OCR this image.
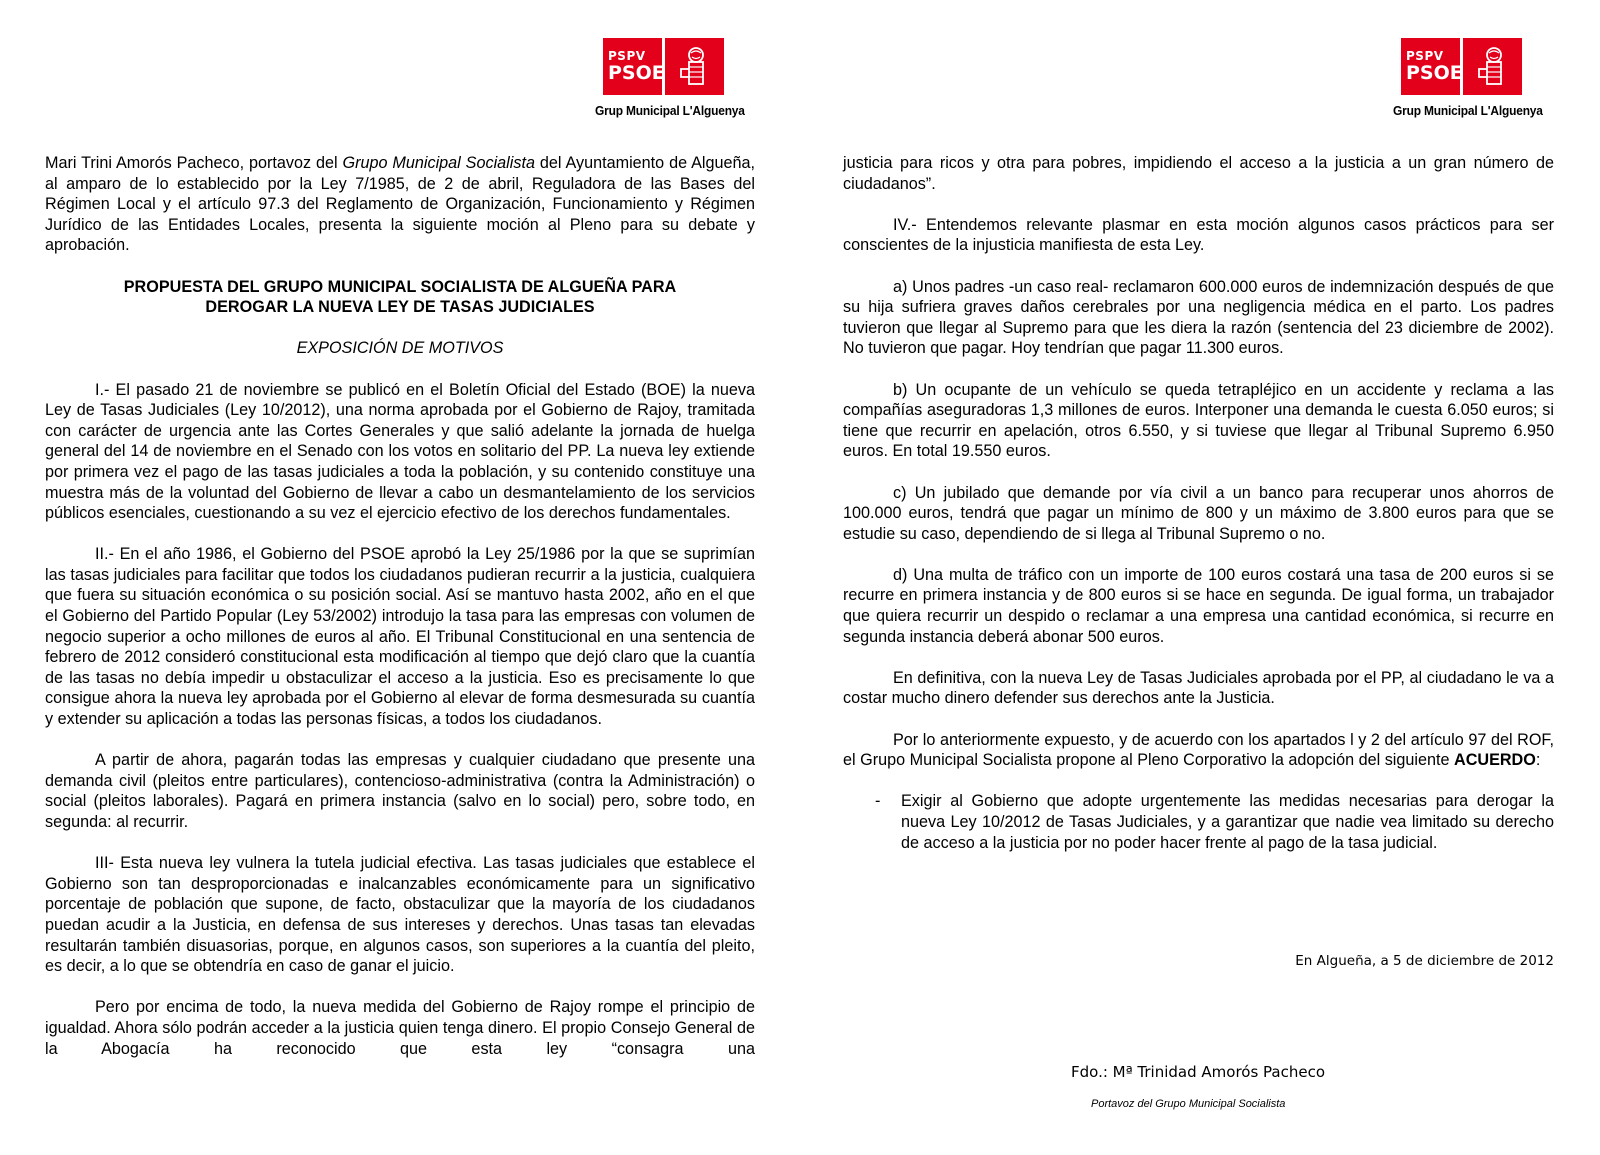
PSPV
PSOE
Grup Municipal L'Alguenya

Mari Trini Amorós Pacheco, portavoz del Grupo Municipal Socialista del Ayuntamiento de Algueña, al amparo de lo establecido por la Ley 7/1985, de 2 de abril, Reguladora de las Bases del Régimen Local y el artículo 97.3 del Reglamento de Organización, Funcionamiento y Régimen Jurídico de las Entidades Locales, presenta la siguiente moción al Pleno para su debate y aprobación.

PROPUESTA DEL GRUPO MUNICIPAL SOCIALISTA DE ALGUEÑA PARA
DEROGAR LA NUEVA LEY DE TASAS JUDICIALES

EXPOSICIÓN DE MOTIVOS

I.- El pasado 21 de noviembre se publicó en el Boletín Oficial del Estado (BOE) la nueva Ley de Tasas Judiciales (Ley 10/2012), una norma aprobada por el Gobierno de Rajoy, tramitada con carácter de urgencia ante las Cortes Generales y que salió adelante la jornada de huelga general del 14 de noviembre en el Senado con los votos en solitario del PP. La nueva ley extiende por primera vez el pago de las tasas judiciales a toda la población, y su contenido constituye una muestra más de la voluntad del Gobierno de llevar a cabo un desmantelamiento de los servicios públicos esenciales, cuestionando a su vez el ejercicio efectivo de los derechos fundamentales.

II.- En el año 1986, el Gobierno del PSOE aprobó la Ley 25/1986 por la que se suprimían las tasas judiciales para facilitar que todos los ciudadanos pudieran recurrir a la justicia, cualquiera que fuera su situación económica o su posición social. Así se mantuvo hasta 2002, año en el que el Gobierno del Partido Popular (Ley 53/2002) introdujo la tasa para las empresas con volumen de negocio superior a ocho millones de euros al año. El Tribunal Constitucional en una sentencia de febrero de 2012 consideró constitucional esta modificación al tiempo que dejó claro que la cuantía de las tasas no debía impedir u obstaculizar el acceso a la justicia. Eso es precisamente lo que consigue ahora la nueva ley aprobada por el Gobierno al elevar de forma desmesurada su cuantía y extender su aplicación a todas las personas físicas, a todos los ciudadanos.

A partir de ahora, pagarán todas las empresas y cualquier ciudadano que presente una demanda civil (pleitos entre particulares), contencioso-administrativa (contra la Administración) o social (pleitos laborales). Pagará en primera instancia (salvo en lo social) pero, sobre todo, en segunda: al recurrir.

III- Esta nueva ley vulnera la tutela judicial efectiva. Las tasas judiciales que establece el Gobierno son tan desproporcionadas e inalcanzables económicamente para un significativo porcentaje de población que supone, de facto, obstaculizar que la mayoría de los ciudadanos puedan acudir a la Justicia, en defensa de sus intereses y derechos. Unas tasas tan elevadas resultarán también disuasorias, porque, en algunos casos, son superiores a la cuantía del pleito, es decir, a lo que se obtendría en caso de ganar el juicio.

Pero por encima de todo, la nueva medida del Gobierno de Rajoy rompe el principio de igualdad. Ahora sólo podrán acceder a la justicia quien tenga dinero. El propio Consejo General de la Abogacía ha reconocido que esta ley “consagra una

PSPV
PSOE
Grup Municipal L'Alguenya

justicia para ricos y otra para pobres, impidiendo el acceso a la justicia a un gran número de ciudadanos”.

IV.- Entendemos relevante plasmar en esta moción algunos casos prácticos para ser conscientes de la injusticia manifiesta de esta Ley.

a) Unos padres -un caso real- reclamaron 600.000 euros de indemnización después de que su hija sufriera graves daños cerebrales por una negligencia médica en el parto. Los padres tuvieron que llegar al Supremo para que les diera la razón (sentencia del 23 diciembre de 2002). No tuvieron que pagar. Hoy tendrían que pagar 11.300 euros.

b) Un ocupante de un vehículo se queda tetrapléjico en un accidente y reclama a las compañías aseguradoras 1,3 millones de euros. Interponer una demanda le cuesta 6.050 euros; si tiene que recurrir en apelación, otros 6.550, y si tuviese que llegar al Tribunal Supremo 6.950 euros. En total 19.550 euros.

c) Un jubilado que demande por vía civil a un banco para recuperar unos ahorros de 100.000 euros, tendrá que pagar un mínimo de 800 y un máximo de 3.800 euros para que se estudie su caso, dependiendo de si llega al Tribunal Supremo o no.

d) Una multa de tráfico con un importe de 100 euros costará una tasa de 200 euros si se recurre en primera instancia y de 800 euros si se hace en segunda. De igual forma, un trabajador que quiera recurrir un despido o reclamar a una empresa una cantidad económica, si recurre en segunda instancia deberá abonar 500 euros.

En definitiva, con la nueva Ley de Tasas Judiciales aprobada por el PP, al ciudadano le va a costar mucho dinero defender sus derechos ante la Justicia.

Por lo anteriormente expuesto, y de acuerdo con los apartados l y 2 del artículo 97 del ROF, el Grupo Municipal Socialista propone al Pleno Corporativo la adopción del siguiente ACUERDO:

-	Exigir al Gobierno que adopte urgentemente las medidas necesarias para derogar la nueva Ley 10/2012 de Tasas Judiciales, y a garantizar que nadie vea limitado su derecho de acceso a la justicia por no poder hacer frente al pago de la tasa judicial.
En Algueña, a 5 de diciembre de 2012
Fdo.: Mª Trinidad Amorós Pacheco
Portavoz del Grupo Municipal Socialista
